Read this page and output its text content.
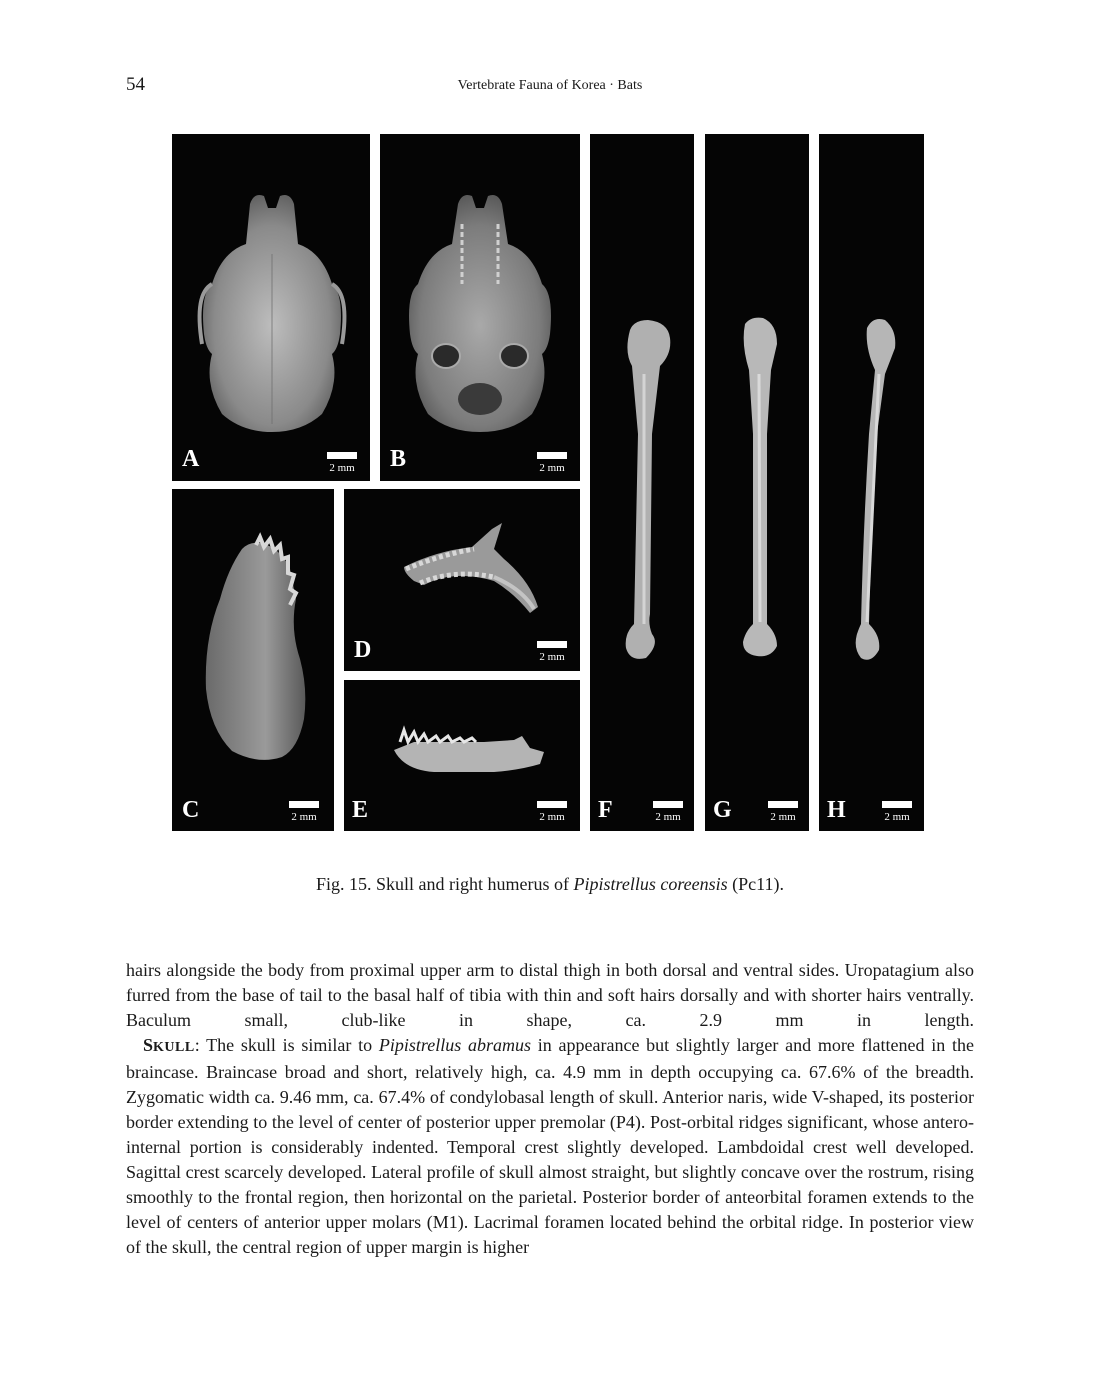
54	Vertebrate Fauna of Korea · Bats
A	2 mm	B	2 mm
C	2 mm
D	2 mm
E	2 mm	F	2 mm	G	2 mm	H	2 mm
Fig. 15. Skull and right humerus of Pipistrellus coreensis (Pc11).

hairs alongside the body from proximal upper arm to distal thigh in both dorsal and ventral sides. Uropatagium also furred from the base of tail to the basal half of tibia with thin and soft hairs dorsally and with shorter hairs ventrally. Baculum small, club-like in shape, ca. 2.9 mm in length.

SKULL: The skull is similar to Pipistrellus abramus in appearance but slightly larger and more flattened in the braincase. Braincase broad and short, relatively high, ca. 4.9 mm in depth occupying ca. 67.6% of the breadth. Zygomatic width ca. 9.46 mm, ca. 67.4% of condylobasal length of skull. Anterior naris, wide V-shaped, its posterior border extending to the level of center of posterior upper premolar (P4). Post-orbital ridges significant, whose antero-internal portion is considerably indented. Temporal crest slightly developed. Lambdoidal crest well developed. Sagittal crest scarcely developed. Lateral profile of skull almost straight, but slightly concave over the rostrum, rising smoothly to the frontal region, then horizontal on the parietal. Posterior border of anteorbital foramen extends to the level of centers of anterior upper molars (M1). Lacrimal foramen located behind the orbital ridge. In posterior view of the skull, the central region of upper margin is higher
